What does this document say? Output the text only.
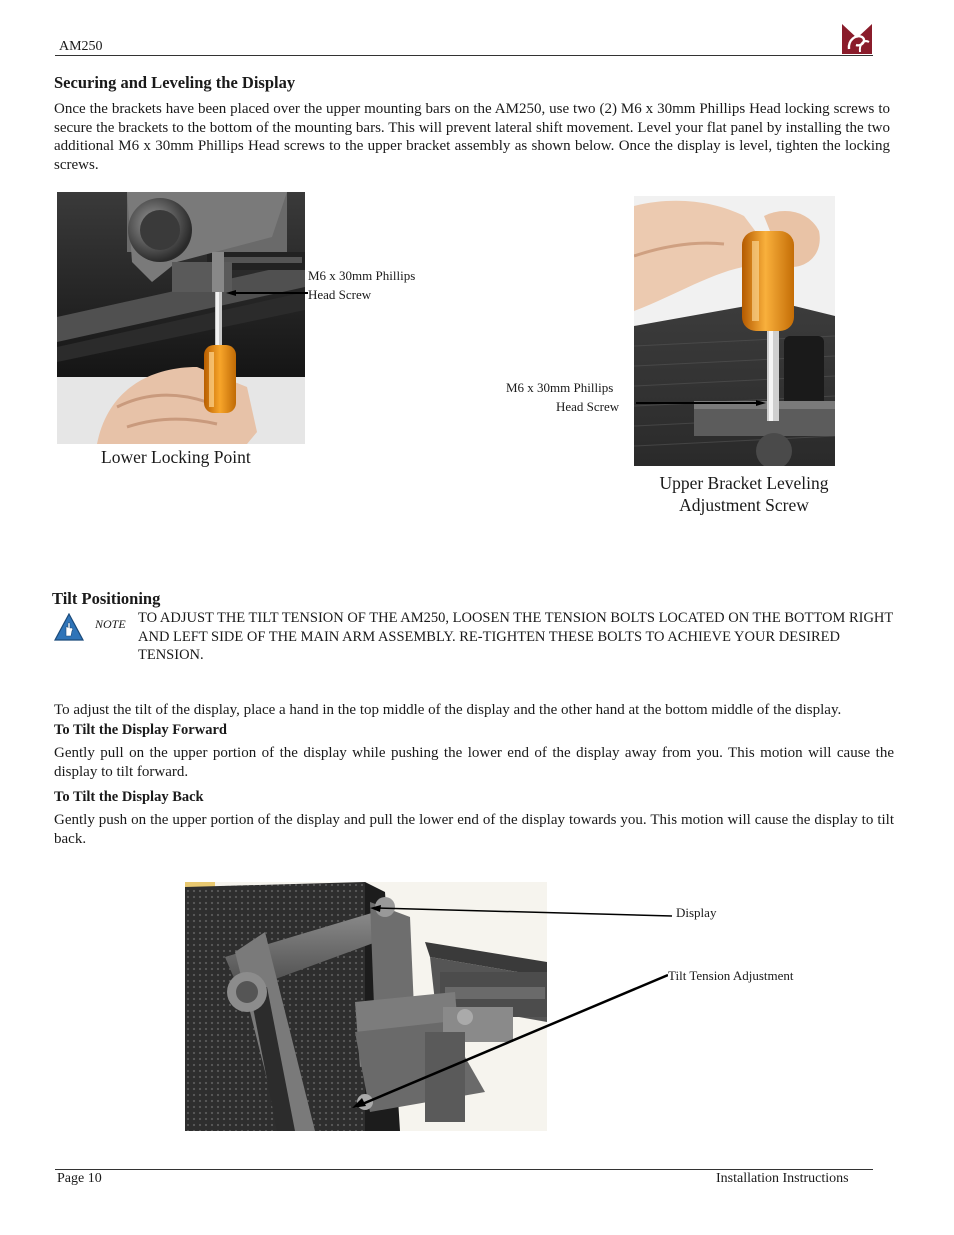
AM250
Securing and Leveling the Display
Once the brackets have been placed over the upper mounting bars on the AM250, use two (2) M6 x 30mm Phillips Head locking screws to secure the brackets to the bottom of the mounting bars. This will prevent lateral shift movement. Level your flat panel by installing the two additional M6 x 30mm Phillips Head screws to the upper bracket assembly as shown below. Once the display is level, tighten the locking screws.
M6 x 30mm Phillips
Head Screw
Lower Locking Point
M6 x 30mm Phillips
Head Screw
Upper Bracket Leveling
Adjustment Screw
Tilt Positioning
NOTE TO ADJUST THE TILT TENSION OF THE AM250, LOOSEN THE TENSION BOLTS LOCATED ON THE BOTTOM RIGHT AND LEFT SIDE OF THE MAIN ARM ASSEMBLY. RE-TIGHTEN THESE BOLTS TO ACHIEVE YOUR DESIRED TENSION.
To adjust the tilt of the display, place a hand in the top middle of the display and the other hand at the bottom middle of the display.
To Tilt the Display Forward
Gently pull on the upper portion of the display while pushing the lower end of the display away from you. This motion will cause the display to tilt forward.
To Tilt the Display Back
Gently push on the upper portion of the display and pull the lower end of the display towards you. This motion will cause the display to tilt back.
Display
Tilt Tension Adjustment
Page 10	Installation Instructions
